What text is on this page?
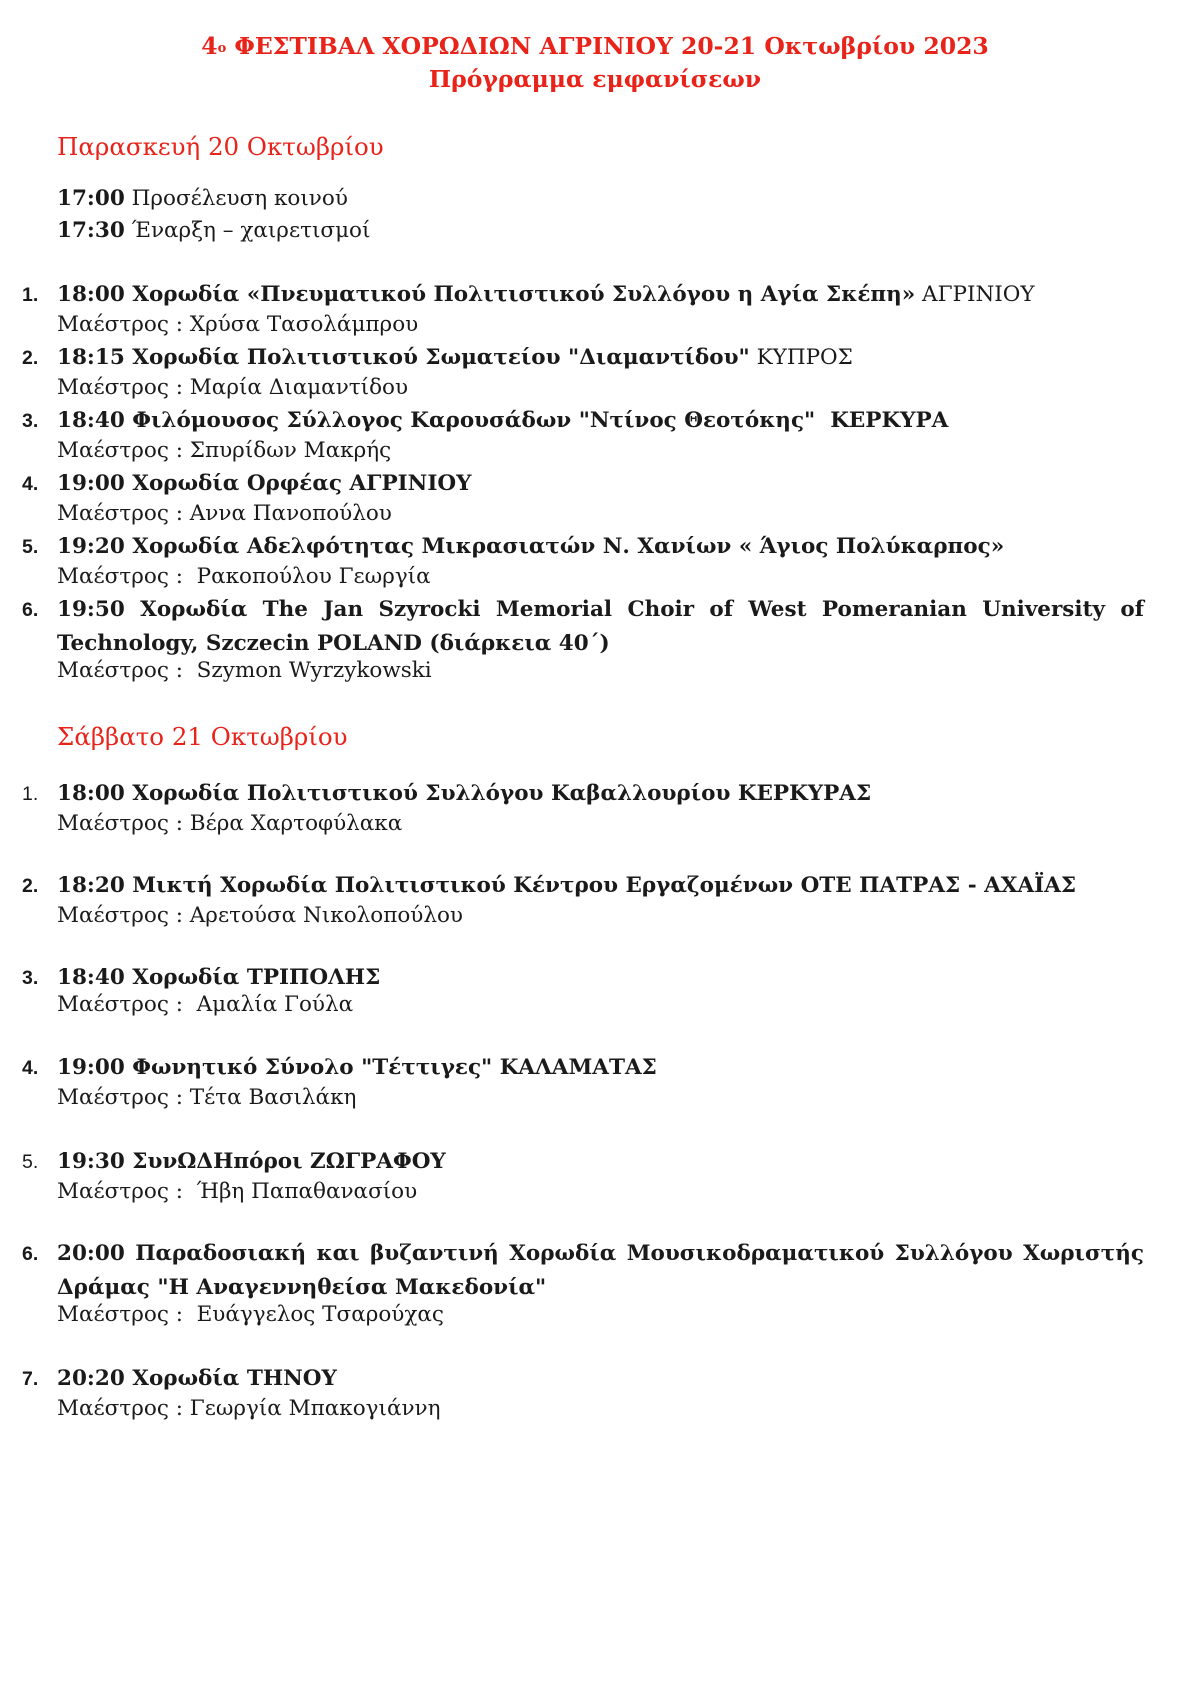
$4^o$ ΦΕΣΤΙΒΑΛ ΧΟΡΩΔΙΩΝ ΑΓΡΙΝΙΟΥ 20-21 Οκτωβρίου 2023
Πρόγραμμα εμφανίσεων
Παρασκευή 20 Οκτωβρίου
17:00 Προσέλευση κοινού
17:30 Έναρξη – χαιρετισμοί
1. 18:00 Χορωδία «Πνευματικού Πολιτιστικού Συλλόγου η Αγία Σκέπη» ΑΓΡΙΝΙΟΥ
Μαέστρος : Χρύσα Τασολάμπρου
2. 18:15 Χορωδία Πολιτιστικού Σωματείου "Διαμαντίδου" ΚΥΠΡΟΣ
Μαέστρος : Μαρία Διαμαντίδου
3. 18:40 Φιλόμουσος Σύλλογος Καρουσάδων "Ντίνος Θεοτόκης"  ΚΕΡΚΥΡΑ
Μαέστρος : Σπυρίδων Μακρής
4. 19:00 Χορωδία Ορφέας ΑΓΡΙΝΙΟΥ
Μαέστρος : Αννα Πανοπούλου
5. 19:20 Χορωδία Αδελφότητας Μικρασιατών Ν. Χανίων « Άγιος Πολύκαρπος»
Μαέστρος :  Ρακοπούλου Γεωργία
6. 19:50 Χορωδία The Jan Szyrocki Memorial Choir of West Pomeranian University of Technology, Szczecin POLAND (διάρκεια 40΄)
Μαέστρος :  Szymon Wyrzykowski
Σάββατο 21 Οκτωβρίου
1. 18:00 Χορωδία Πολιτιστικού Συλλόγου Καβαλλουρίου ΚΕΡΚΥΡΑΣ
Μαέστρος : Βέρα Χαρτοφύλακα
2. 18:20 Μικτή Χορωδία Πολιτιστικού Κέντρου Εργαζομένων ΟΤΕ ΠΑΤΡΑΣ - ΑΧΑΪΑΣ
Μαέστρος : Αρετούσα Νικολοπούλου
3. 18:40 Χορωδία ΤΡΙΠΟΛΗΣ
Μαέστρος :  Αμαλία Γούλα
4. 19:00 Φωνητικό Σύνολο "Τέττιγες" ΚΑΛΑΜΑΤΑΣ
Μαέστρος : Τέτα Βασιλάκη
5. 19:30 ΣυνΩΔΗπόροι ΖΩΓΡΑΦΟΥ
Μαέστρος :  Ήβη Παπαθανασίου
6. 20:00 Παραδοσιακή και βυζαντινή Χορωδία Μουσικοδραματικού Συλλόγου Χωριστής Δράμας "Η Αναγεννηθείσα Μακεδονία"
Μαέστρος :  Ευάγγελος Τσαρούχας
7. 20:20 Χορωδία ΤΗΝΟΥ
Μαέστρος : Γεωργία Μπακογιάννη
